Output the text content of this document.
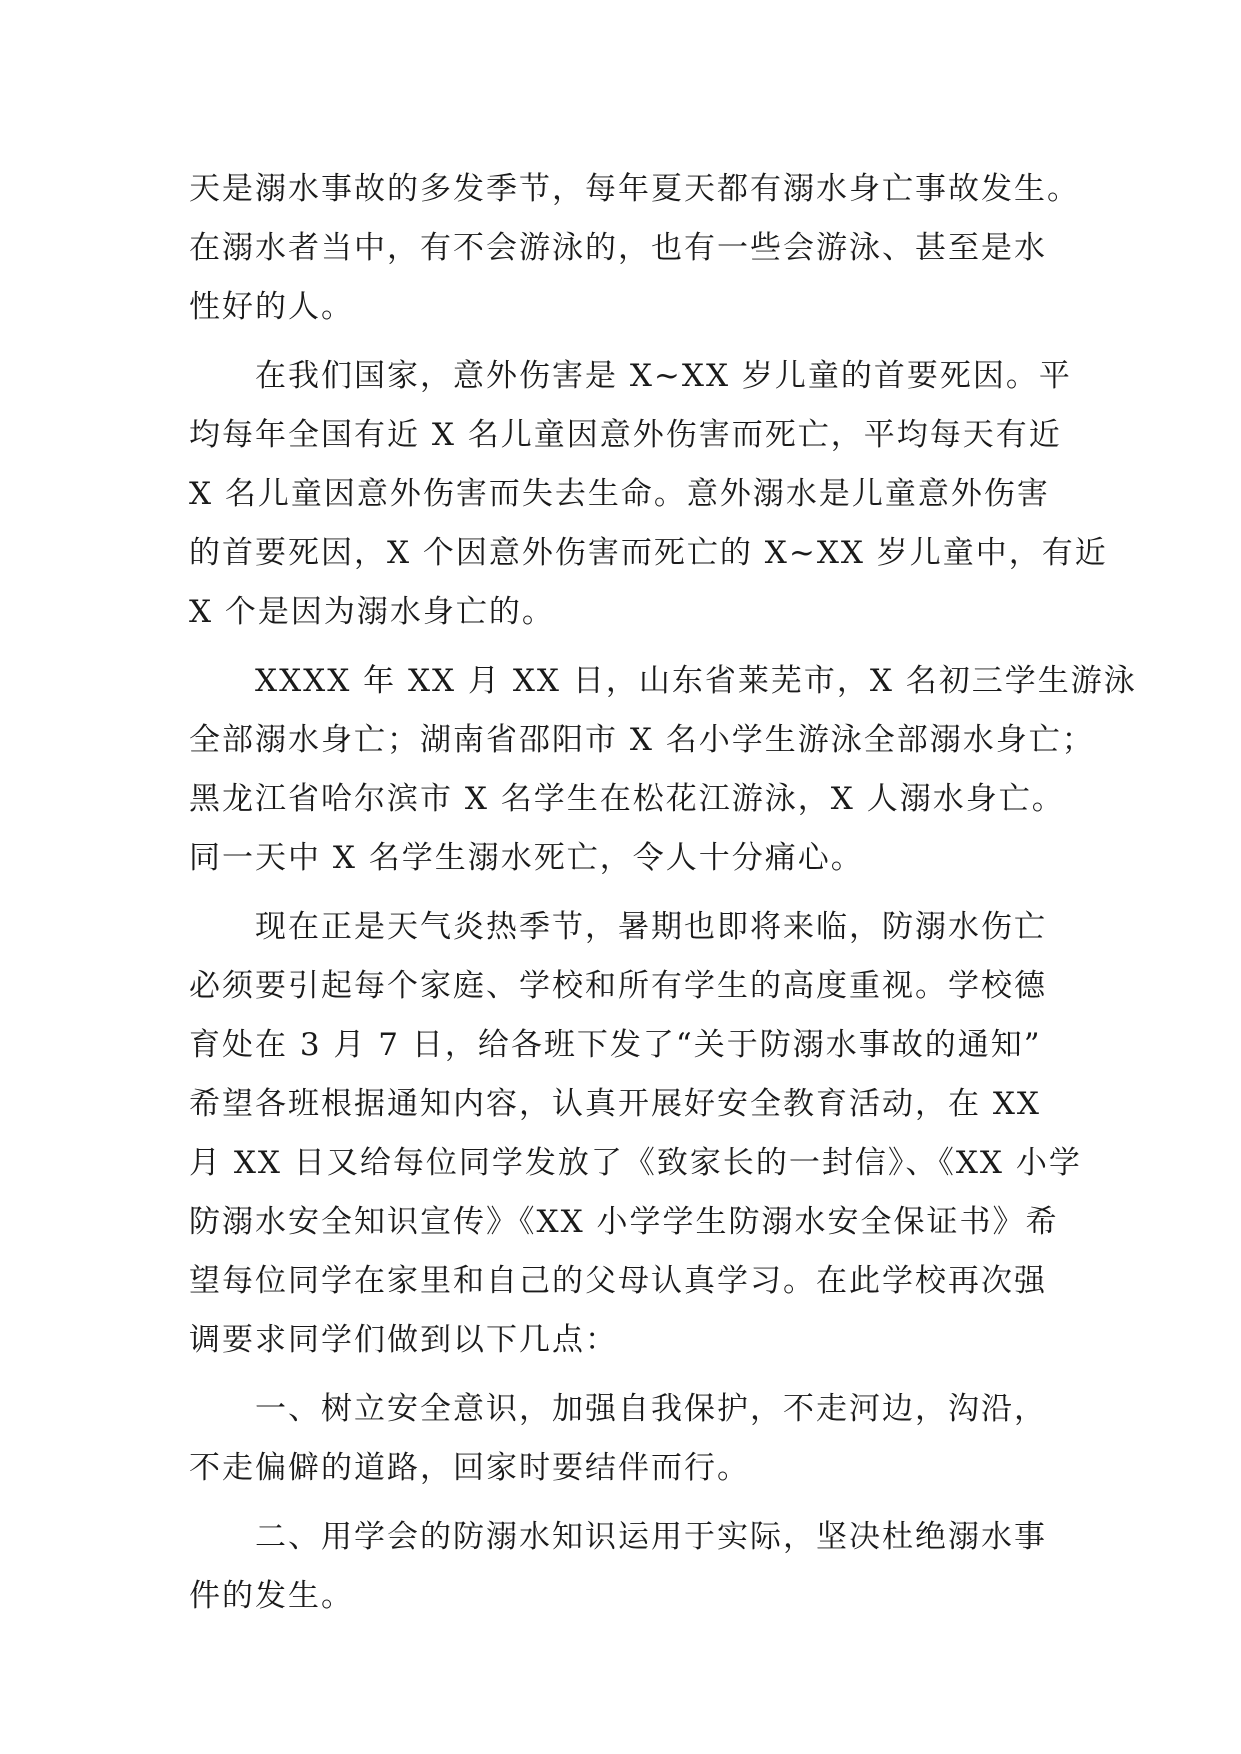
天是溺水事故的多发季节，每年夏天都有溺水身亡事故发生。
在溺水者当中，有不会游泳的，也有一些会游泳、甚至是水
性好的人。
　　在我们国家，意外伤害是 X~XX 岁儿童的首要死因。平
均每年全国有近 X 名儿童因意外伤害而死亡，平均每天有近
X 名儿童因意外伤害而失去生命。意外溺水是儿童意外伤害
的首要死因，X 个因意外伤害而死亡的 X~XX 岁儿童中，有近
X 个是因为溺水身亡的。
　　XXXX 年 XX 月 XX 日，山东省莱芜市，X 名初三学生游泳
全部溺水身亡；湖南省邵阳市 X 名小学生游泳全部溺水身亡；
黑龙江省哈尔滨市 X 名学生在松花江游泳，X 人溺水身亡。
同一天中 X 名学生溺水死亡，令人十分痛心。
　　现在正是天气炎热季节，暑期也即将来临，防溺水伤亡
必须要引起每个家庭、学校和所有学生的高度重视。学校德
育处在 3 月 7 日，给各班下发了“关于防溺水事故的通知”
希望各班根据通知内容，认真开展好安全教育活动，在 XX
月 XX 日又给每位同学发放了《致家长的一封信》、《XX 小学
防溺水安全知识宣传》《XX 小学学生防溺水安全保证书》希
望每位同学在家里和自己的父母认真学习。在此学校再次强
调要求同学们做到以下几点：
　　一、树立安全意识，加强自我保护，不走河边，沟沿，
不走偏僻的道路，回家时要结伴而行。
　　二、用学会的防溺水知识运用于实际，坚决杜绝溺水事
件的发生。
